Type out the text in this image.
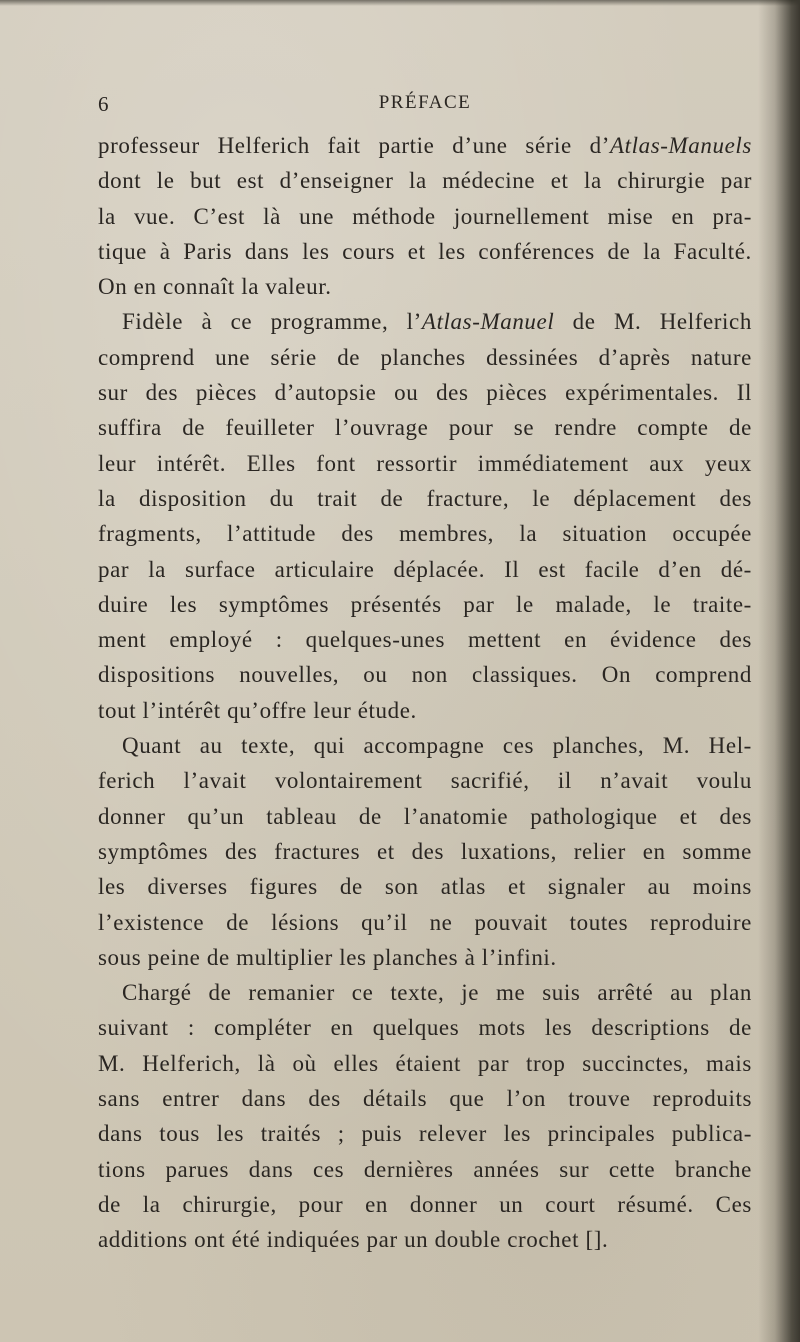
6	PRÉFACE
professeur Helferich fait partie d’une série d’Atlas-Manuels
dont le but est d’enseigner la médecine et la chirurgie par
la vue. C’est là une méthode journellement mise en pra-
tique à Paris dans les cours et les conférences de la Faculté.
On en connaît la valeur.
Fidèle à ce programme, l’Atlas-Manuel de M. Helferich
comprend une série de planches dessinées d’après nature
sur des pièces d’autopsie ou des pièces expérimentales. Il
suffira de feuilleter l’ouvrage pour se rendre compte de
leur intérêt. Elles font ressortir immédiatement aux yeux
la disposition du trait de fracture, le déplacement des
fragments, l’attitude des membres, la situation occupée
par la surface articulaire déplacée. Il est facile d’en dé-
duire les symptômes présentés par le malade, le traite-
ment employé : quelques-unes mettent en évidence des
dispositions nouvelles, ou non classiques. On comprend
tout l’intérêt qu’offre leur étude.
Quant au texte, qui accompagne ces planches, M. Hel-
ferich l’avait volontairement sacrifié, il n’avait voulu
donner qu’un tableau de l’anatomie pathologique et des
symptômes des fractures et des luxations, relier en somme
les diverses figures de son atlas et signaler au moins
l’existence de lésions qu’il ne pouvait toutes reproduire
sous peine de multiplier les planches à l’infini.
Chargé de remanier ce texte, je me suis arrêté au plan
suivant : compléter en quelques mots les descriptions de
M. Helferich, là où elles étaient par trop succinctes, mais
sans entrer dans des détails que l’on trouve reproduits
dans tous les traités ; puis relever les principales publica-
tions parues dans ces dernières années sur cette branche
de la chirurgie, pour en donner un court résumé. Ces
additions ont été indiquées par un double crochet [].
